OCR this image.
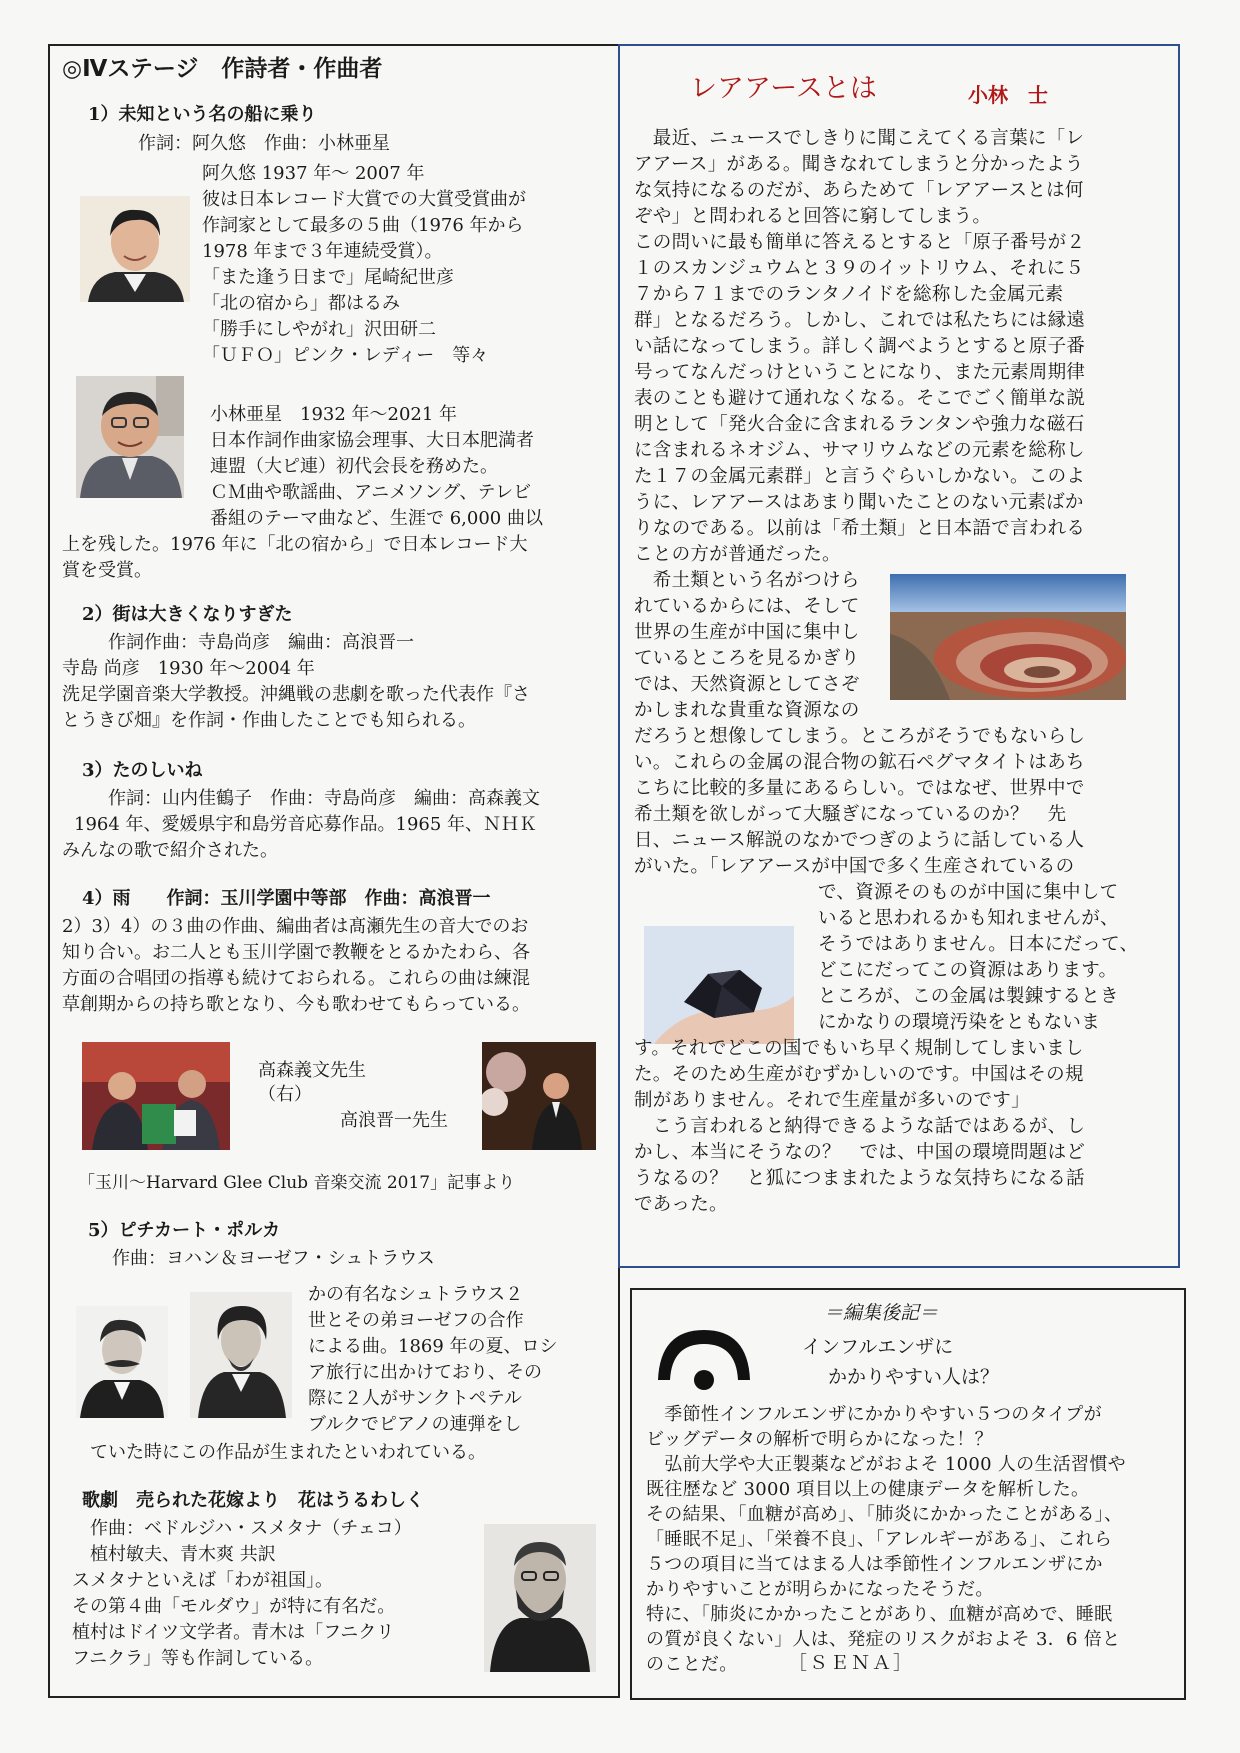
◎Ⅳステージ　作詩者・作曲者
1）未知という名の船に乗り
作詞：阿久悠　作曲：小林亜星
阿久悠 1937 年～ 2007 年
彼は日本レコード大賞での大賞受賞曲が
作詞家として最多の５曲（1976 年から
1978 年まで３年連続受賞）。
「また逢う日まで」尾崎紀世彦
「北の宿から」都はるみ
「勝手にしやがれ」沢田研二
「ＵＦＯ」ピンク・レディー　等々
小林亜星　1932 年～2021 年
日本作詞作曲家協会理事、大日本肥満者
連盟（大ピ連）初代会長を務めた。
ＣＭ曲や歌謡曲、アニメソング、テレビ
番組のテーマ曲など、生涯で 6,000 曲以
上を残した。1976 年に「北の宿から」で日本レコード大
賞を受賞。
2）街は大きくなりすぎた
作詞作曲：寺島尚彦　編曲：高浪晋一
寺島 尚彦　1930 年～2004 年
洗足学園音楽大学教授。沖縄戦の悲劇を歌った代表作『さ
とうきび畑』を作詞・作曲したことでも知られる。
3）たのしいね
作詞：山内佳鶴子　作曲：寺島尚彦　編曲：高森義文
1964 年、愛媛県宇和島労音応募作品。1965 年、ＮＨＫ
みんなの歌で紹介された。
4）雨　　作詞：玉川学園中等部　作曲：高浪晋一
2）3）4）の３曲の作曲、編曲者は髙瀬先生の音大でのお
知り合い。お二人とも玉川学園で教鞭をとるかたわら、各
方面の合唱団の指導も続けておられる。これらの曲は練混
草創期からの持ち歌となり、今も歌わせてもらっている。
高森義文先生
（右）
高浪晋一先生
「玉川～Harvard Glee Club 音楽交流 2017」記事より
5）ピチカート・ポルカ
作曲：ヨハン＆ヨーゼフ・シュトラウス
かの有名なシュトラウス２
世とその弟ヨーゼフの合作
による曲。1869 年の夏、ロシ
ア旅行に出かけており、その
際に２人がサンクトペテル
ブルクでピアノの連弾をし
ていた時にこの作品が生まれたといわれている。
歌劇　売られた花嫁より　花はうるわしく
作曲：ベドルジハ・スメタナ（チェコ）
植村敏夫、青木爽 共訳
スメタナといえば「わが祖国」。
その第４曲「モルダウ」が特に有名だ。
植村はドイツ文学者。青木は「フニクリ
フニクラ」等も作詞している。
レアアースとは	小林　士
　最近、ニュースでしきりに聞こえてくる言葉に「レ
アアース」がある。聞きなれてしまうと分かったよう
な気持になるのだが、あらためて「レアアースとは何
ぞや」と問われると回答に窮してしまう。
この問いに最も簡単に答えるとすると「原子番号が２
１のスカンジュウムと３９のイットリウム、それに５
７から７１までのランタノイドを総称した金属元素
群」となるだろう。しかし、これでは私たちには縁遠
い話になってしまう。詳しく調べようとすると原子番
号ってなんだっけということになり、また元素周期律
表のことも避けて通れなくなる。そこでごく簡単な説
明として「発火合金に含まれるランタンや強力な磁石
に含まれるネオジム、サマリウムなどの元素を総称し
た１７の金属元素群」と言うぐらいしかない。このよ
うに、レアアースはあまり聞いたことのない元素ばか
りなのである。以前は「希土類」と日本語で言われる
ことの方が普通だった。
　希土類という名がつけら
れているからには、そして
世界の生産が中国に集中し
ているところを見るかぎり
では、天然資源としてさぞ
かしまれな貴重な資源なの
だろうと想像してしまう。ところがそうでもないらし
い。これらの金属の混合物の鉱石ペグマタイトはあち
こちに比較的多量にあるらしい。ではなぜ、世界中で
希土類を欲しがって大騒ぎになっているのか？　先
日、ニュース解説のなかでつぎのように話している人
がいた。「レアアースが中国で多く生産されているの
で、資源そのものが中国に集中して
いると思われるかも知れませんが、
そうではありません。日本にだって、
どこにだってこの資源はあります。
ところが、この金属は製錬するとき
にかなりの環境汚染をともないま
す。それでどこの国でもいち早く規制してしまいまし
た。そのため生産がむずかしいのです。中国はその規
制がありません。それで生産量が多いのです」
　こう言われると納得できるような話ではあるが、し
かし、本当にそうなの？　では、中国の環境問題はど
うなるの？　と狐につままれたような気持ちになる話
であった。
＝編集後記＝
インフルエンザに
かかりやすい人は？
　季節性インフルエンザにかかりやすい５つのタイプが
ビッグデータの解析で明らかになった！？
　弘前大学や大正製薬などがおよそ 1000 人の生活習慣や
既往歴など 3000 項目以上の健康データを解析した。
その結果、「血糖が高め」、「肺炎にかかったことがある」、
「睡眠不足」、「栄養不良」、「アレルギーがある」、これら
５つの項目に当てはまる人は季節性インフルエンザにか
かりやすいことが明らかになったそうだ。
特に、「肺炎にかかったことがあり、血糖が高めで、睡眠
の質が良くない」人は、発症のリスクがおよそ 3．6 倍と
のことだ。	［ＳＥＮＡ］
